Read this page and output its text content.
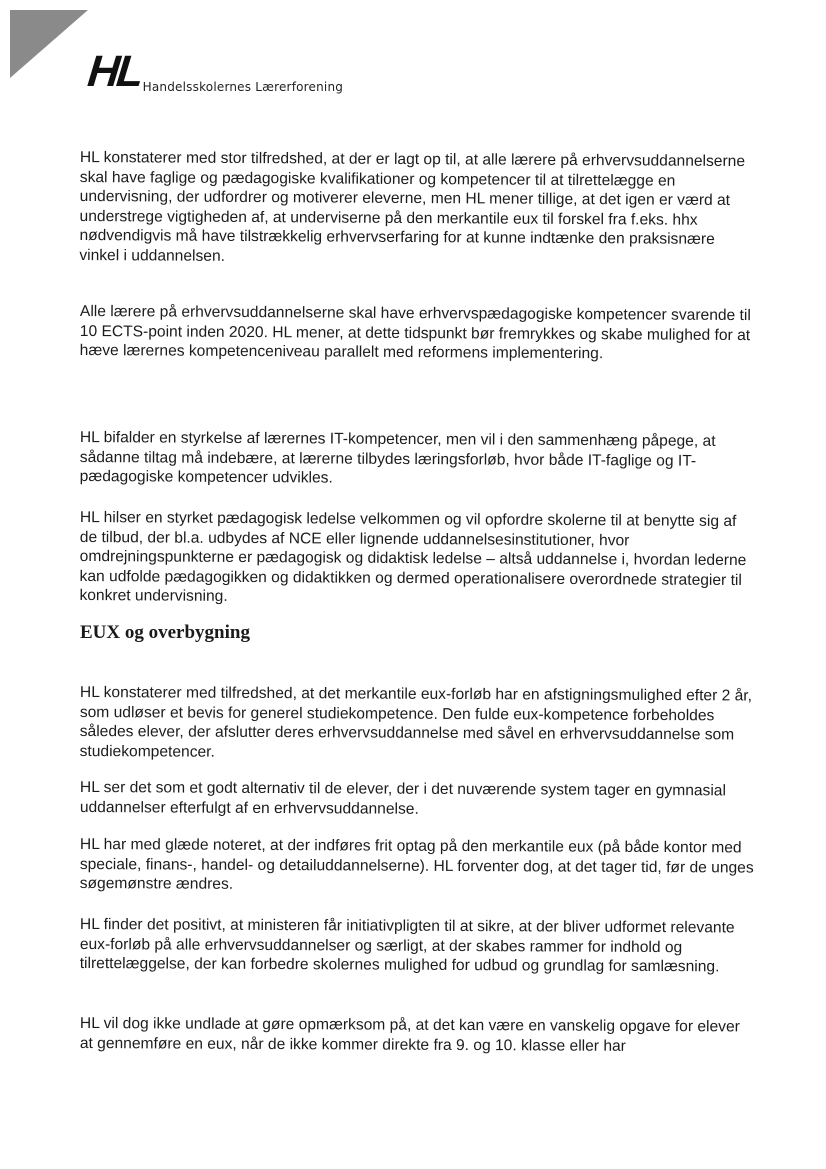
HL Handelsskolernes Lærerforening

HL konstaterer med stor tilfredshed, at der er lagt op til, at alle lærere på erhvervsuddannelserne skal have faglige og pædagogiske kvalifikationer og kompetencer til at tilrettelægge en undervisning, der udfordrer og motiverer eleverne, men HL mener tillige, at det igen er værd at understrege vigtigheden af, at underviserne på den merkantile eux til forskel fra f.eks. hhx nødvendigvis må have tilstrækkelig erhvervserfaring for at kunne indtænke den praksisnære vinkel i uddannelsen.

Alle lærere på erhvervsuddannelserne skal have erhvervspædagogiske kompetencer svarende til 10 ECTS-point inden 2020. HL mener, at dette tidspunkt bør fremrykkes og skabe mulighed for at hæve lærernes kompetenceniveau parallelt med reformens implementering.

HL bifalder en styrkelse af lærernes IT-kompetencer, men vil i den sammenhæng påpege, at sådanne tiltag må indebære, at lærerne tilbydes læringsforløb, hvor både IT-faglige og IT-pædagogiske kompetencer udvikles.

HL hilser en styrket pædagogisk ledelse velkommen og vil opfordre skolerne til at benytte sig af de tilbud, der bl.a. udbydes af NCE eller lignende uddannelsesinstitutioner, hvor omdrejningspunkterne er pædagogisk og didaktisk ledelse – altså uddannelse i, hvordan lederne kan udfolde pædagogikken og didaktikken og dermed operationalisere overordnede strategier til konkret undervisning.

EUX og overbygning

HL konstaterer med tilfredshed, at det merkantile eux-forløb har en afstigningsmulighed efter 2 år, som udløser et bevis for generel studiekompetence. Den fulde eux-kompetence forbeholdes således elever, der afslutter deres erhvervsuddannelse med såvel en erhvervsuddannelse som studiekompetencer.

HL ser det som et godt alternativ til de elever, der i det nuværende system tager en gymnasial uddannelser efterfulgt af en erhvervsuddannelse.

HL har med glæde noteret, at der indføres frit optag på den merkantile eux (på både kontor med speciale, finans-, handel- og detailuddannelserne). HL forventer dog, at det tager tid, før de unges søgemønstre ændres.

HL finder det positivt, at ministeren får initiativpligten til at sikre, at der bliver udformet relevante eux-forløb på alle erhvervsuddannelser og særligt, at der skabes rammer for indhold og tilrettelæggelse, der kan forbedre skolernes mulighed for udbud og grundlag for samlæsning.

HL vil dog ikke undlade at gøre opmærksom på, at det kan være en vanskelig opgave for elever at gennemføre en eux, når de ikke kommer direkte fra 9. og 10. klasse eller har
